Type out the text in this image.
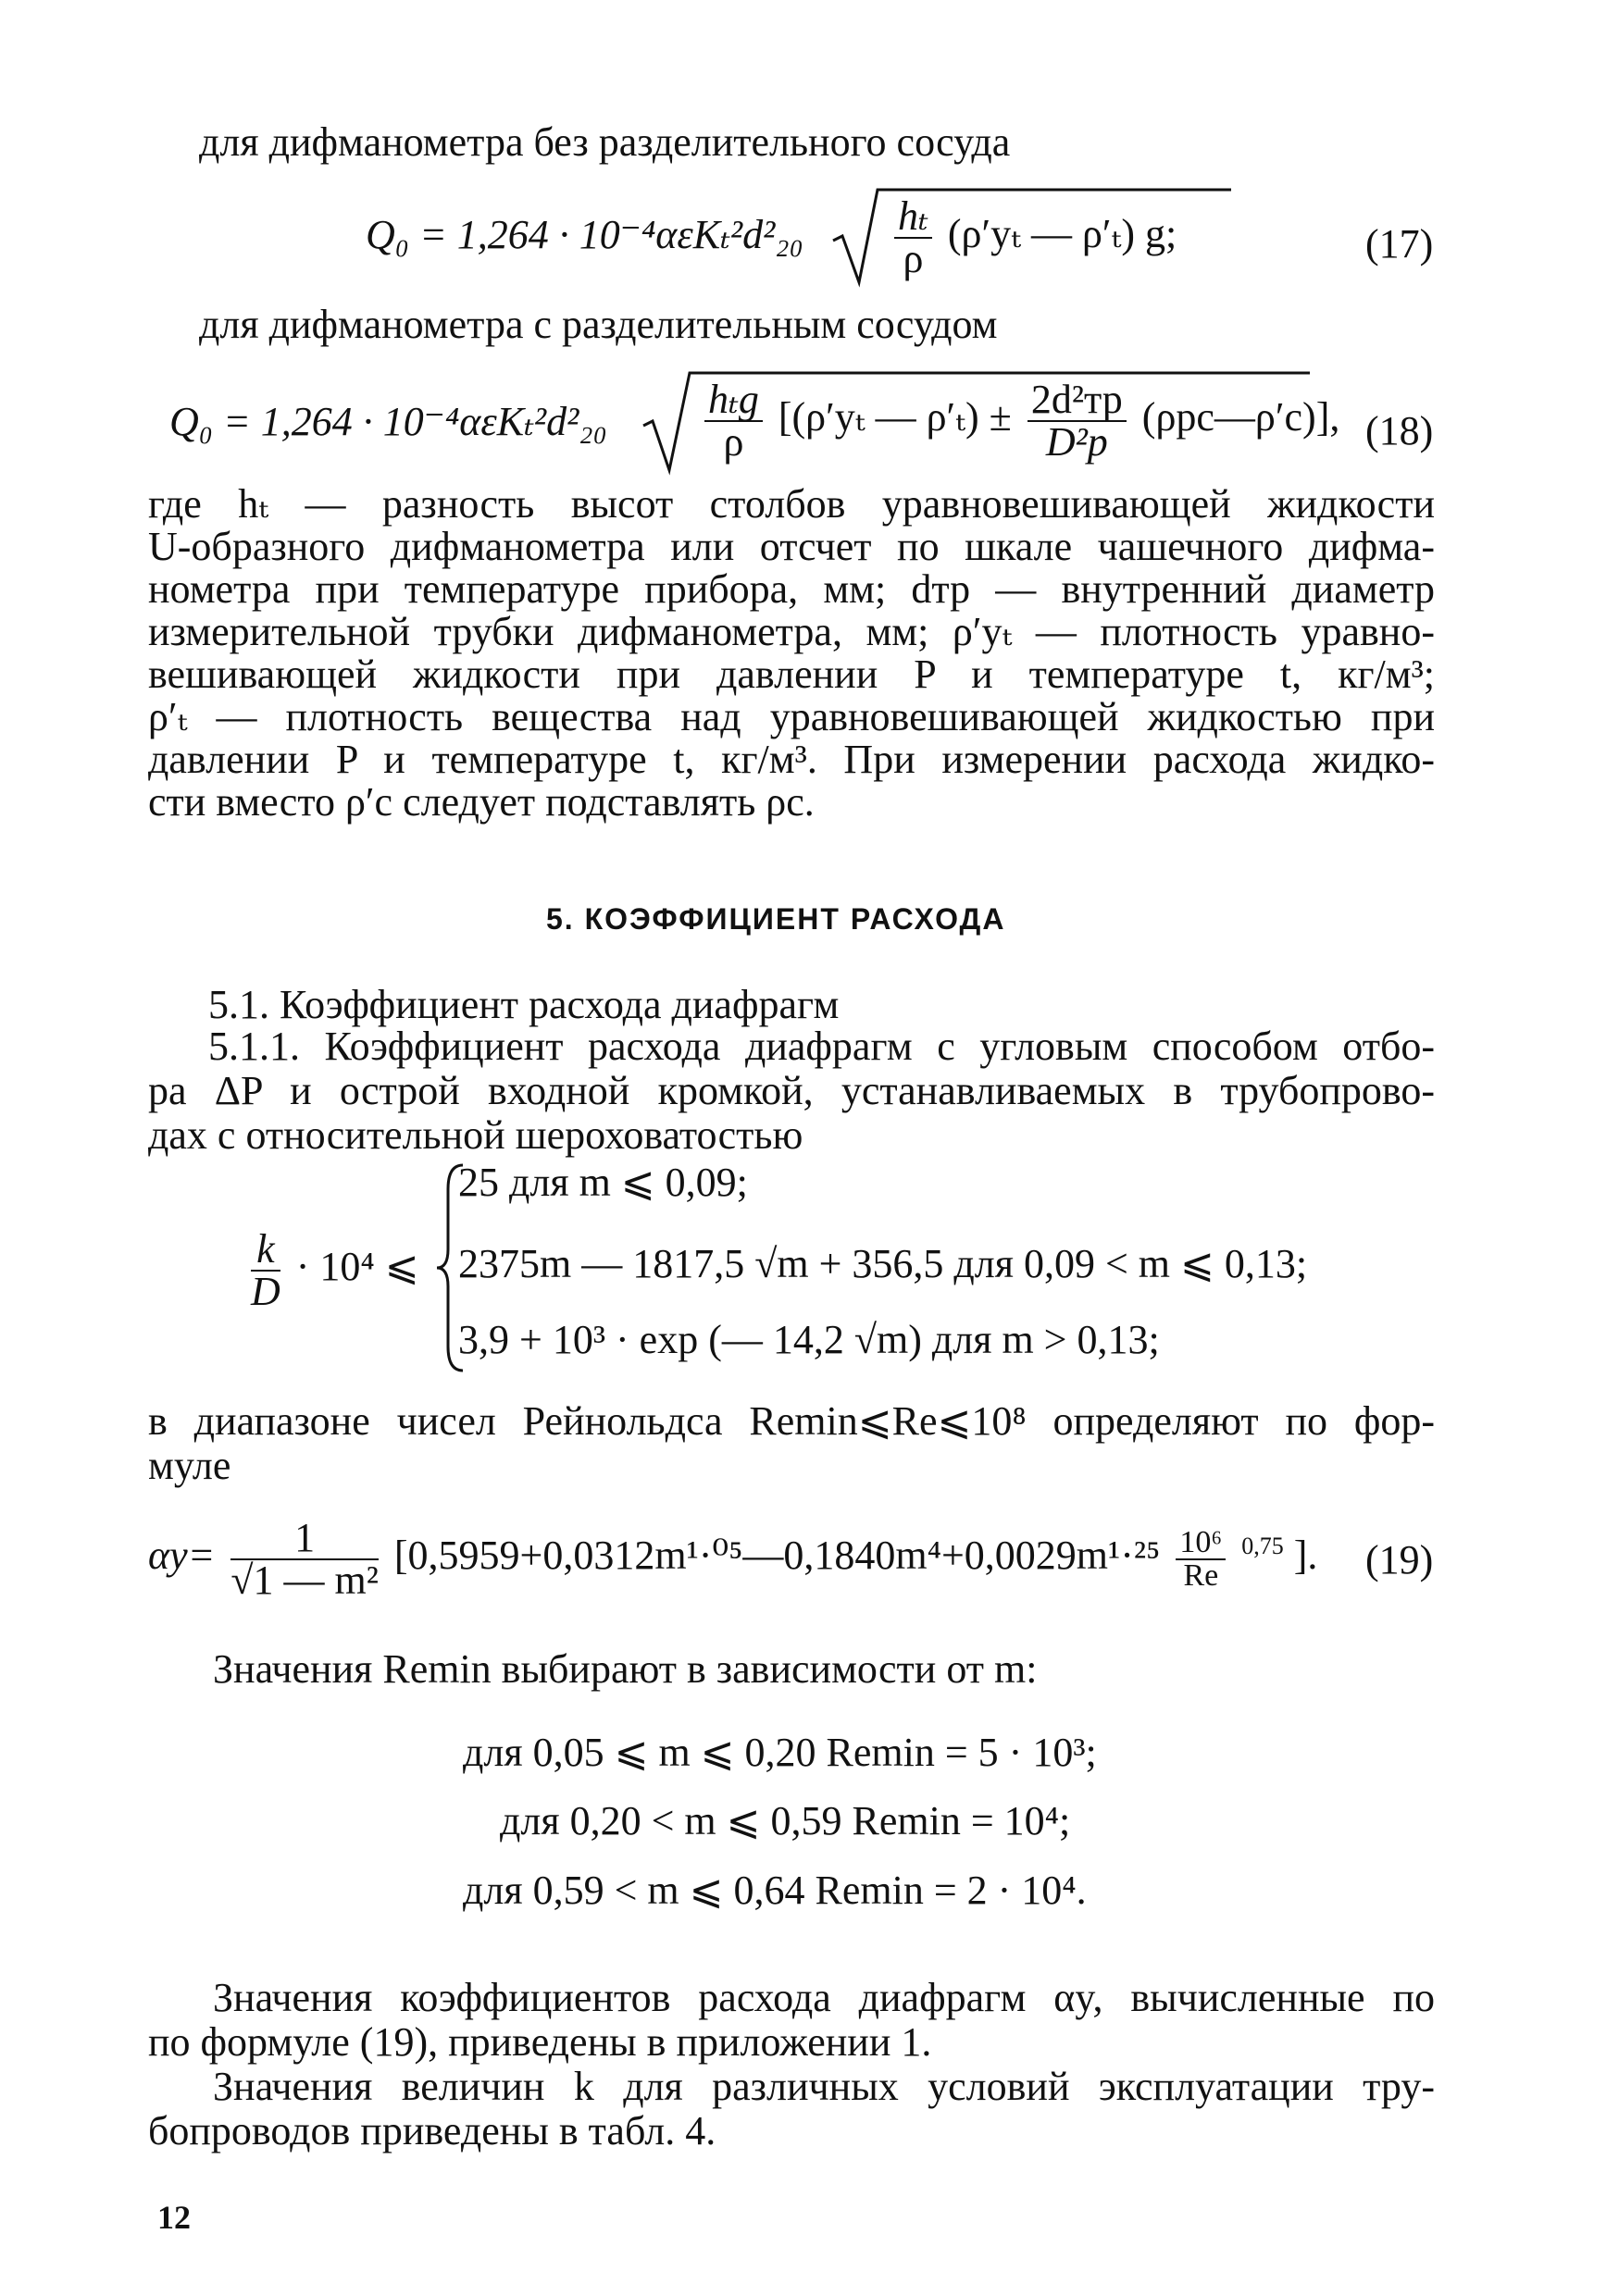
для дифманометра без разделительного сосуда
$Q_0 = 1,264 \cdot 10^{-4}\alpha\varepsilon K_t^2d^2_{20} \frac{\text{hₜ}}{\rho} (\rho'y_t$ — ρ′ₜ) g;	(17)
для дифманометра с разделительным сосудом
$Q_0 = 1,264 \cdot 10^{-4}\alpha\varepsilon K_t^2d^2_{20} \frac{\text{hₜg}}{\rho} [(\rho'y_t$ — $\rho'_t) \pm \frac{\text{2d²тр}}{\text{D²р}}$ (ρрс—ρ′с)], (18)

где hₜ — разность высот столбов уравновешивающей жидкости

U-образного дифманометра или отсчет по шкале чашечного дифма-

нометра при температуре прибора, мм; dтр — внутренний диаметр

измерительной трубки дифманометра, мм; ρ′yₜ — плотность уравно-

вешивающей жидкости при давлении P и температуре t, кг/м³;

ρ′ₜ — плотность вещества над уравновешивающей жидкостью при

давлении P и температуре t, кг/м³. При измерении расхода жидко-

сти вместо ρ′с следует подставлять ρс.

5. КОЭФФИЦИЕНТ РАСХОДА
5.1. Коэффициент расхода диафрагм

5.1.1. Коэффициент расхода диафрагм с угловым способом отбо-

ра ΔP и острой входной кромкой, устанавливаемых в трубопрово-

дах с относительной шероховатостью

$\frac{k}{D} \cdot 10^4$ ⩽
25 для m ⩽ 0,09;
2375m — 1817,5 √m + 356,5 для 0,09 < m ⩽ 0,13;
3,9 + 10³ · exp (— 14,2 √m) для m > 0,13;

в диапазоне чисел Рейнольдса Remin⩽Re⩽10⁸ определяют по фор-

муле

$\alpha y= \frac{1}{\text{√1 — m²}}$ [0,5959+0,0312m¹·⁰⁵—0,1840m⁴+0,0029m¹·²⁵ $\frac{\text{10⁶}}{Re} ^{0,75}$ ]. (19)
Значения Remin выбирают в зависимости от m:
для 0,05 ⩽ m ⩽ 0,20 Remin = 5 · 10³;
для 0,20 < m ⩽ 0,59 Remin = 10⁴;
для 0,59 < m ⩽ 0,64 Remin = 2 · 10⁴.

Значения коэффициентов расхода диафрагм αy, вычисленные по

по формуле (19), приведены в приложении 1.

Значения величин k для различных условий эксплуатации тру-

бопроводов приведены в табл. 4.

12
